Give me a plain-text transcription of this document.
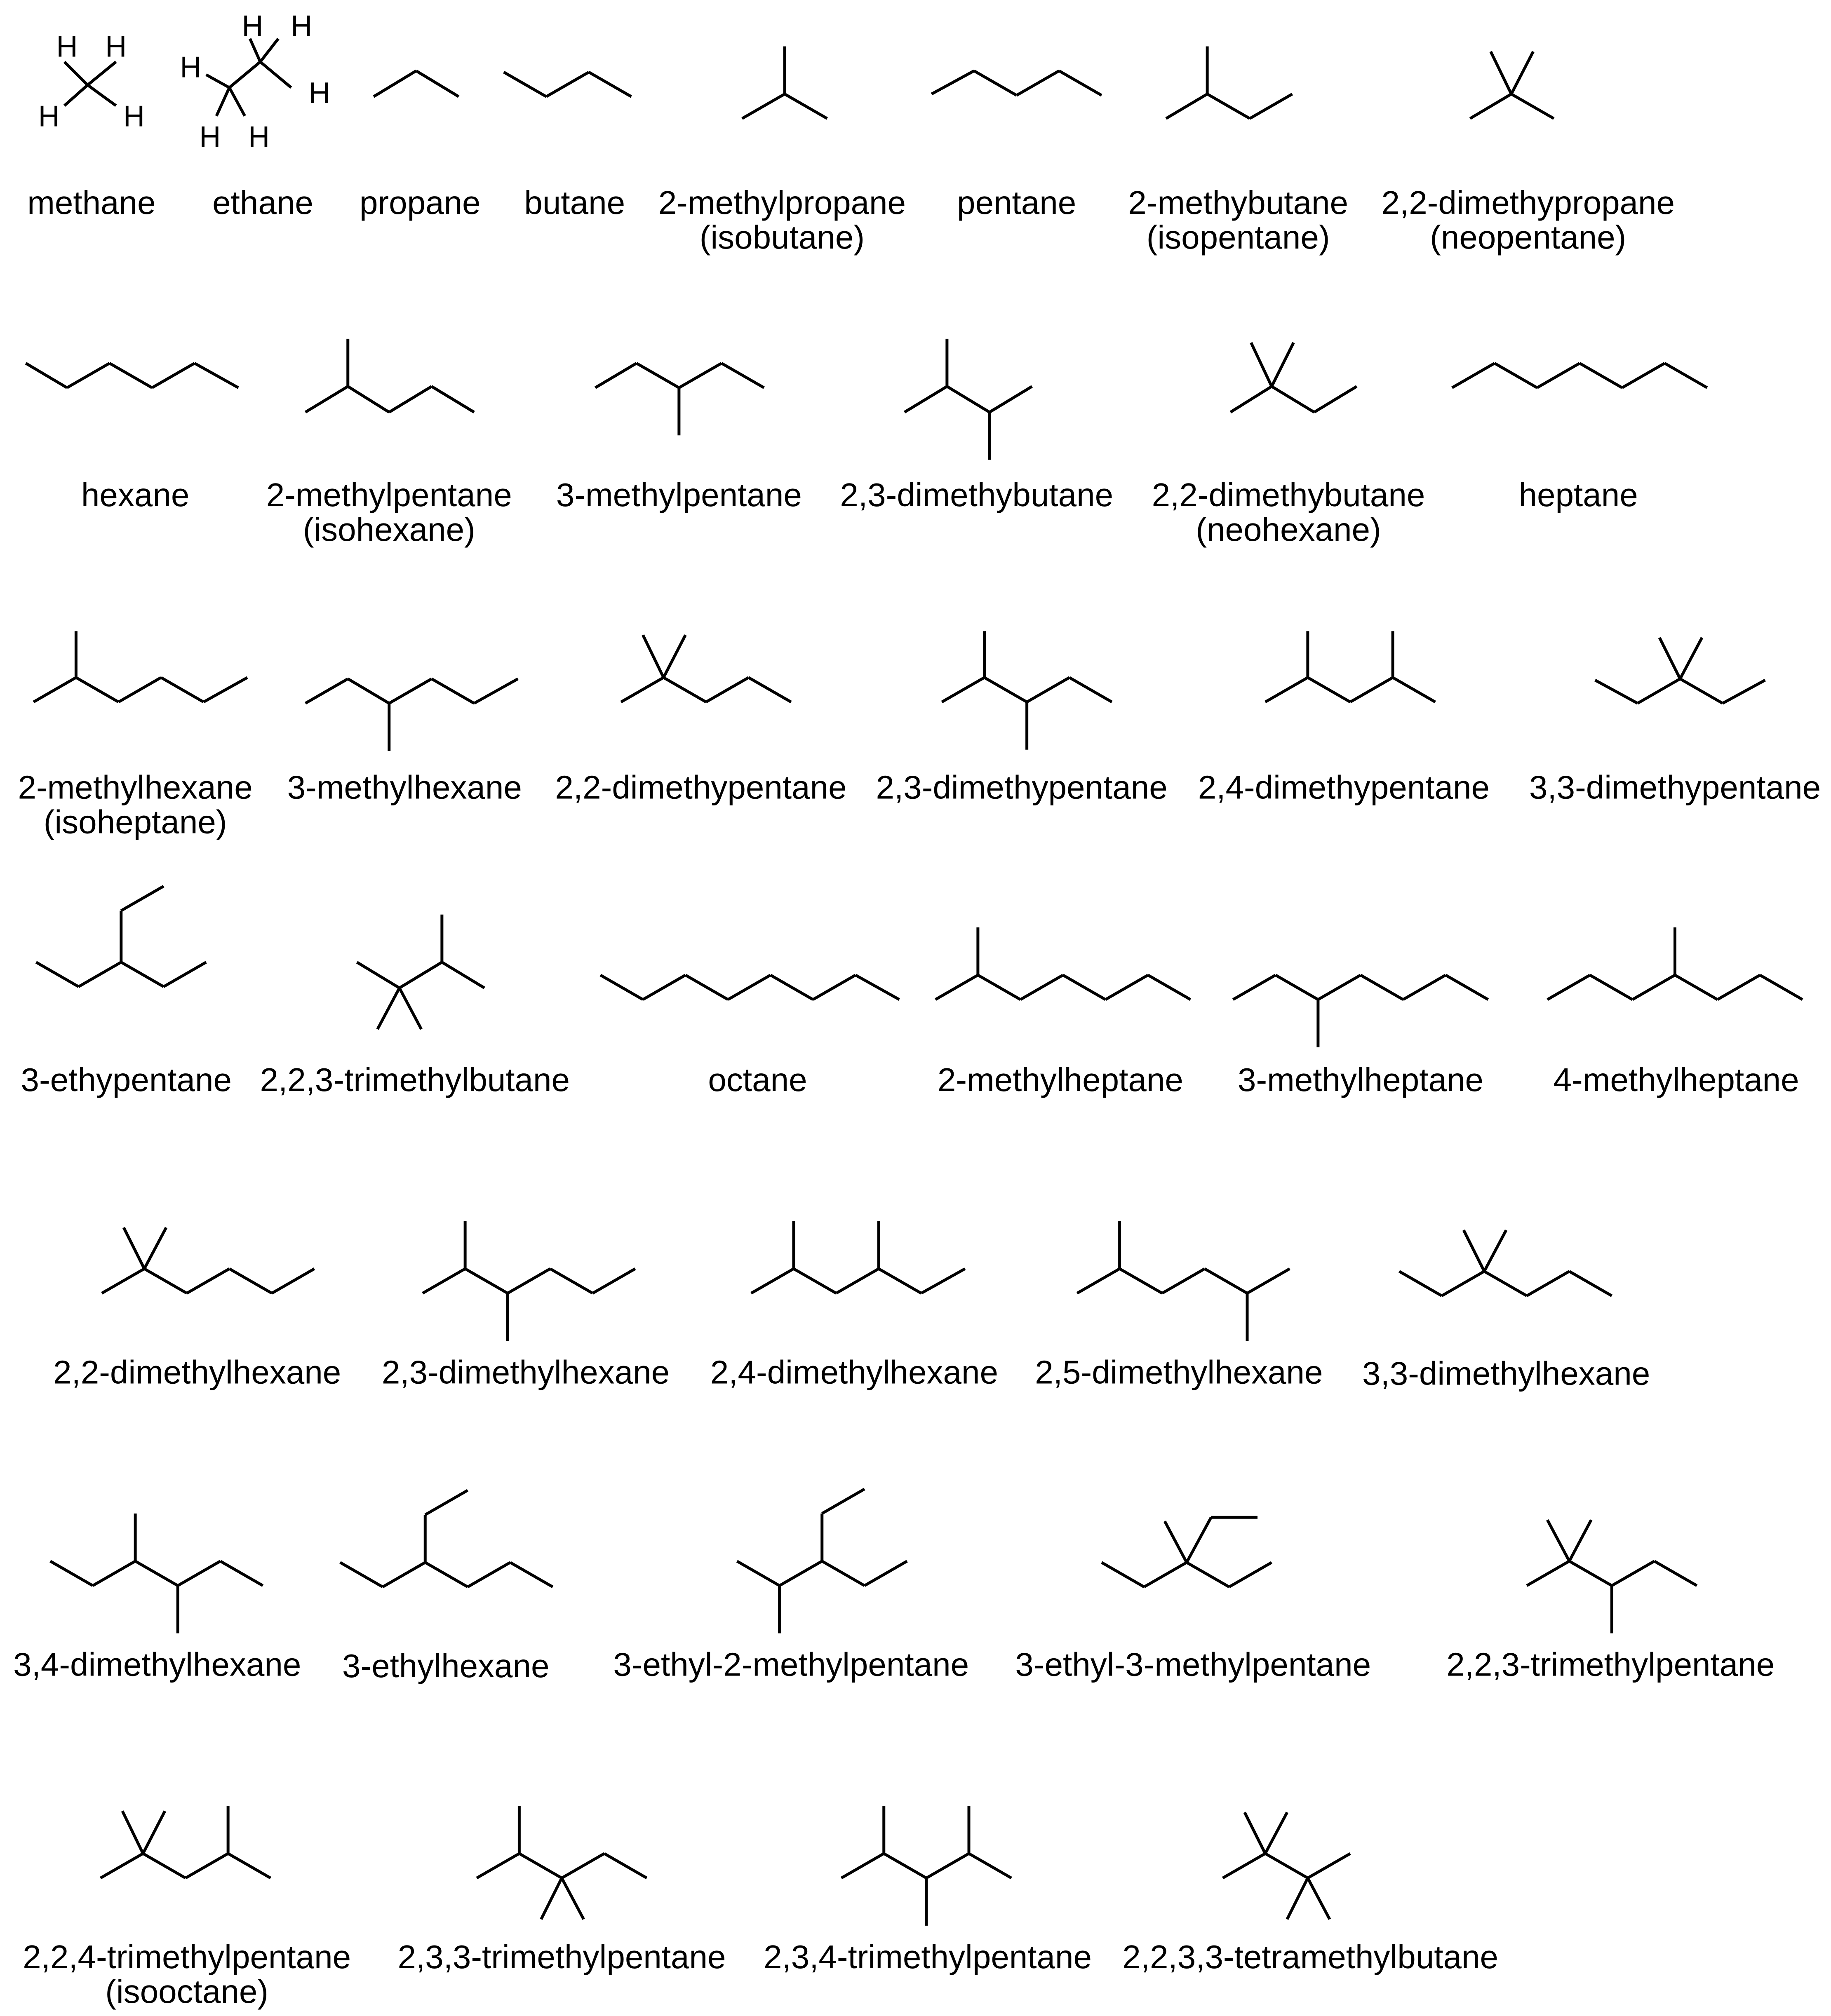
H H
H H
H H
H
H
H H
methane ethane propane butane 2-methylpropane
(isobutane)
pentane 2-methybutane
(isopentane)
2,2-dimethypropane
(neopentane)
hexane 2-methylpentane
(isohexane)
3-methylpentane 2,3-dimethybutane 2,2-dimethybutane
(neohexane)
heptane
2-methylhexane
(isoheptane)
3-methylhexane 2,2-dimethypentane 2,3-dimethypentane 2,4-dimethypentane 3,3-dimethypentane
3-ethypentane 2,2,3-trimethylbutane	octane	2-methylheptane 3-methylheptane 4-methylheptane
2,2-dimethylhexane 2,3-dimethylhexane 2,4-dimethylhexane 2,5-dimethylhexane 3,3-dimethylhexane
3,4-dimethylhexane 3-ethylhexane 3-ethyl-2-methylpentane 3-ethyl-3-methylpentane 2,2,3-trimethylpentane
2,2,4-trimethylpentane
(isooctane)
2,3,3-trimethylpentane 2,3,4-trimethylpentane 2,2,3,3-tetramethylbutane
